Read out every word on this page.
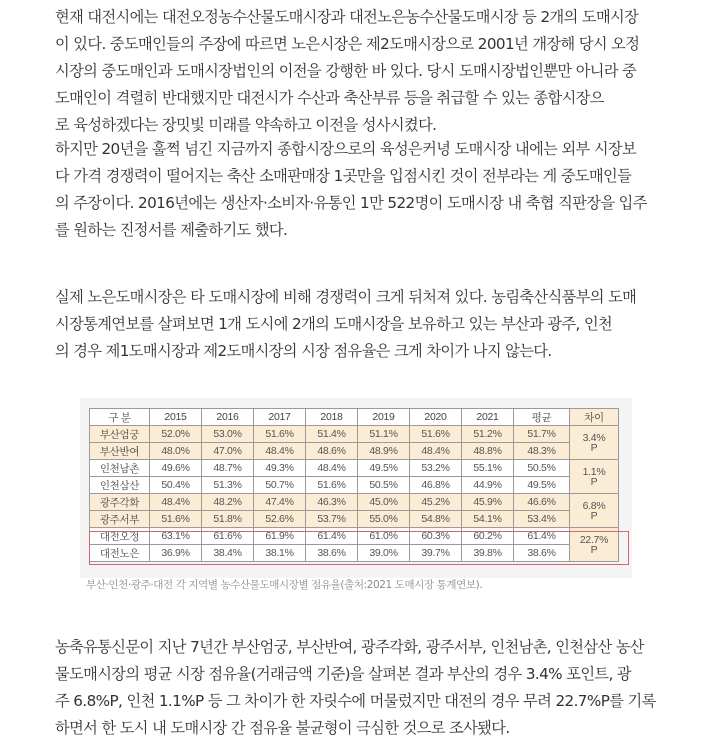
현재 대전시에는 대전오정농수산물도매시장과 대전노은농수산물도매시장 등 2개의 도매시장
이 있다. 중도매인들의 주장에 따르면 노은시장은 제2도매시장으로 2001년 개장해 당시 오정
시장의 중도매인과 도매시장법인의 이전을 강행한 바 있다. 당시 도매시장법인뿐만 아니라 중
도매인이 격렬히 반대했지만 대전시가 수산과 축산부류 등을 취급할 수 있는 종합시장으
로 육성하겠다는 장밋빛 미래를 약속하고 이전을 성사시켰다.
하지만 20년을 훌쩍 넘긴 지금까지 종합시장으로의 육성은커녕 도매시장 내에는 외부 시장보
다 가격 경쟁력이 떨어지는 축산 소매판매장 1곳만을 입점시킨 것이 전부라는 게 중도매인들
의 주장이다. 2016년에는 생산자·소비자·유통인 1만 522명이 도매시장 내 축협 직판장을 입주
를 원하는 진정서를 제출하기도 했다.
실제 노은도매시장은 타 도매시장에 비해 경쟁력이 크게 뒤처져 있다. 농림축산식품부의 도매
시장통계연보를 살펴보면 1개 도시에 2개의 도매시장을 보유하고 있는 부산과 광주, 인천
의 경우 제1도매시장과 제2도매시장의 시장 점유율은 크게 차이가 나지 않는다.
구 분	2015	2016	2017	2018	2019	2020	2021	평균	차이
부산엄궁	52.0%	53.0%	51.6%	51.4%	51.1%	51.6%	51.2%	51.7%	3.4%
P
부산반여	48.0%	47.0%	48.4%	48.6%	48.9%	48.4%	48.8%	48.3%	
인천남촌	49.6%	48.7%	49.3%	48.4%	49.5%	53.2%	55.1%	50.5%	1.1%
P
인천삼산	50.4%	51.3%	50.7%	51.6%	50.5%	46.8%	44.9%	49.5%	
광주각화	48.4%	48.2%	47.4%	46.3%	45.0%	45.2%	45.9%	46.6%	6.8%
P
광주서부	51.6%	51.8%	52.6%	53.7%	55.0%	54.8%	54.1%	53.4%	
대전오정	63.1%	61.6%	61.9%	61.4%	61.0%	60.3%	60.2%	61.4%	22.7%
P
대전노은	36.9%	38.4%	38.1%	38.6%	39.0%	39.7%	39.8%	38.6%	
부산·인천·광주·대전 각 지역별 농수산물도매시장별 점유율(출처:2021 도매시장 통계연보).
농축유통신문이 지난 7년간 부산엄궁, 부산반여, 광주각화, 광주서부, 인천남촌, 인천삼산 농산
물도매시장의 평균 시장 점유율(거래금액 기준)을 살펴본 결과 부산의 경우 3.4% 포인트, 광
주 6.8%P, 인천 1.1%P 등 그 차이가 한 자릿수에 머물렀지만 대전의 경우 무려 22.7%P를 기록
하면서 한 도시 내 도매시장 간 점유율 불균형이 극심한 것으로 조사됐다.
